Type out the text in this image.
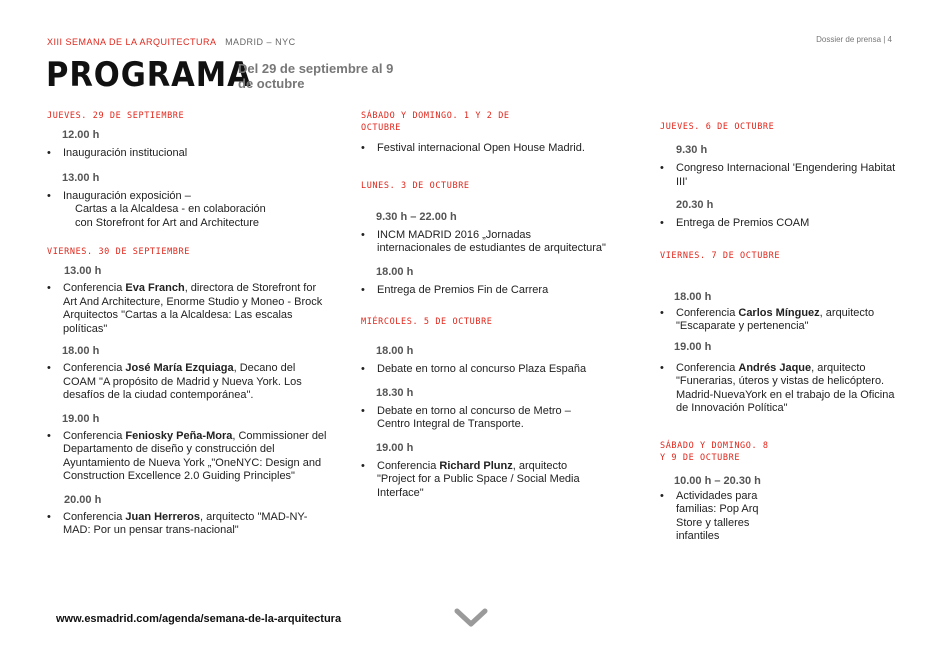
XIII SEMANA DE LA ARQUITECTURA MADRID – NYC	Dossier de prensa | 4
PROGRAMA
Del 29 de septiembre al 9 de octubre

JUEVES. 29 DE SEPTIEMBRE

12.00 h

• Inauguración institucional

13.00 h

• Inauguración exposición –

Cartas a la Alcaldesa - en colaboración

con Storefront for Art and Architecture

VIERNES. 30 DE SEPTIEMBRE

13.00 h

• Conferencia Eva Franch, directora de Storefront for Art And Architecture, Enorme Studio y Moneo - Brock Arquitectos "Cartas a la Alcaldesa: Las escalas políticas"

18.00 h

• Conferencia José María Ezquiaga, Decano del COAM "A propósito de Madrid y Nueva York. Los desafíos de la ciudad contemporánea".

19.00 h

• Conferencia Feniosky Peña-Mora, Commissioner del Departamento de diseño y construcción del Ayuntamiento de Nueva York „"OneNYC: Design and Construction Excellence 2.0 Guiding Principles"

20.00 h

• Conferencia Juan Herreros, arquitecto "MAD-NY-MAD: Por un pensar trans-nacional"

SÁBADO Y DOMINGO. 1 Y 2 DE OCTUBRE

• Festival internacional Open House Madrid.

LUNES. 3 DE OCTUBRE

9.30 h – 22.00 h

• INCM MADRID 2016 „Jornadas internacionales de estudiantes de arquitectura"

18.00 h

• Entrega de Premios Fin de Carrera

MIÉRCOLES. 5 DE OCTUBRE

18.00 h

• Debate en torno al concurso Plaza España

18.30 h

• Debate en torno al concurso de Metro – Centro Integral de Transporte.

19.00 h

• Conferencia Richard Plunz, arquitecto "Project for a Public Space / Social Media Interface"

JUEVES. 6 DE OCTUBRE

9.30 h

• Congreso Internacional 'Engendering Habitat III'

20.30 h

• Entrega de Premios COAM

VIERNES. 7 DE OCTUBRE

18.00 h

• Conferencia Carlos Mínguez, arquitecto "Escaparate y pertenencia"

19.00 h

• Conferencia Andrés Jaque, arquitecto "Funerarias, úteros y vistas de helicóptero. Madrid-NuevaYork en el trabajo de la Oficina de Innovación Política"

SÁBADO Y DOMINGO. 8 Y 9 DE OCTUBRE

10.00 h – 20.30 h

• Actividades para familias: Pop Arq Store y talleres infantiles

www.esmadrid.com/agenda/semana-de-la-arquitectura
